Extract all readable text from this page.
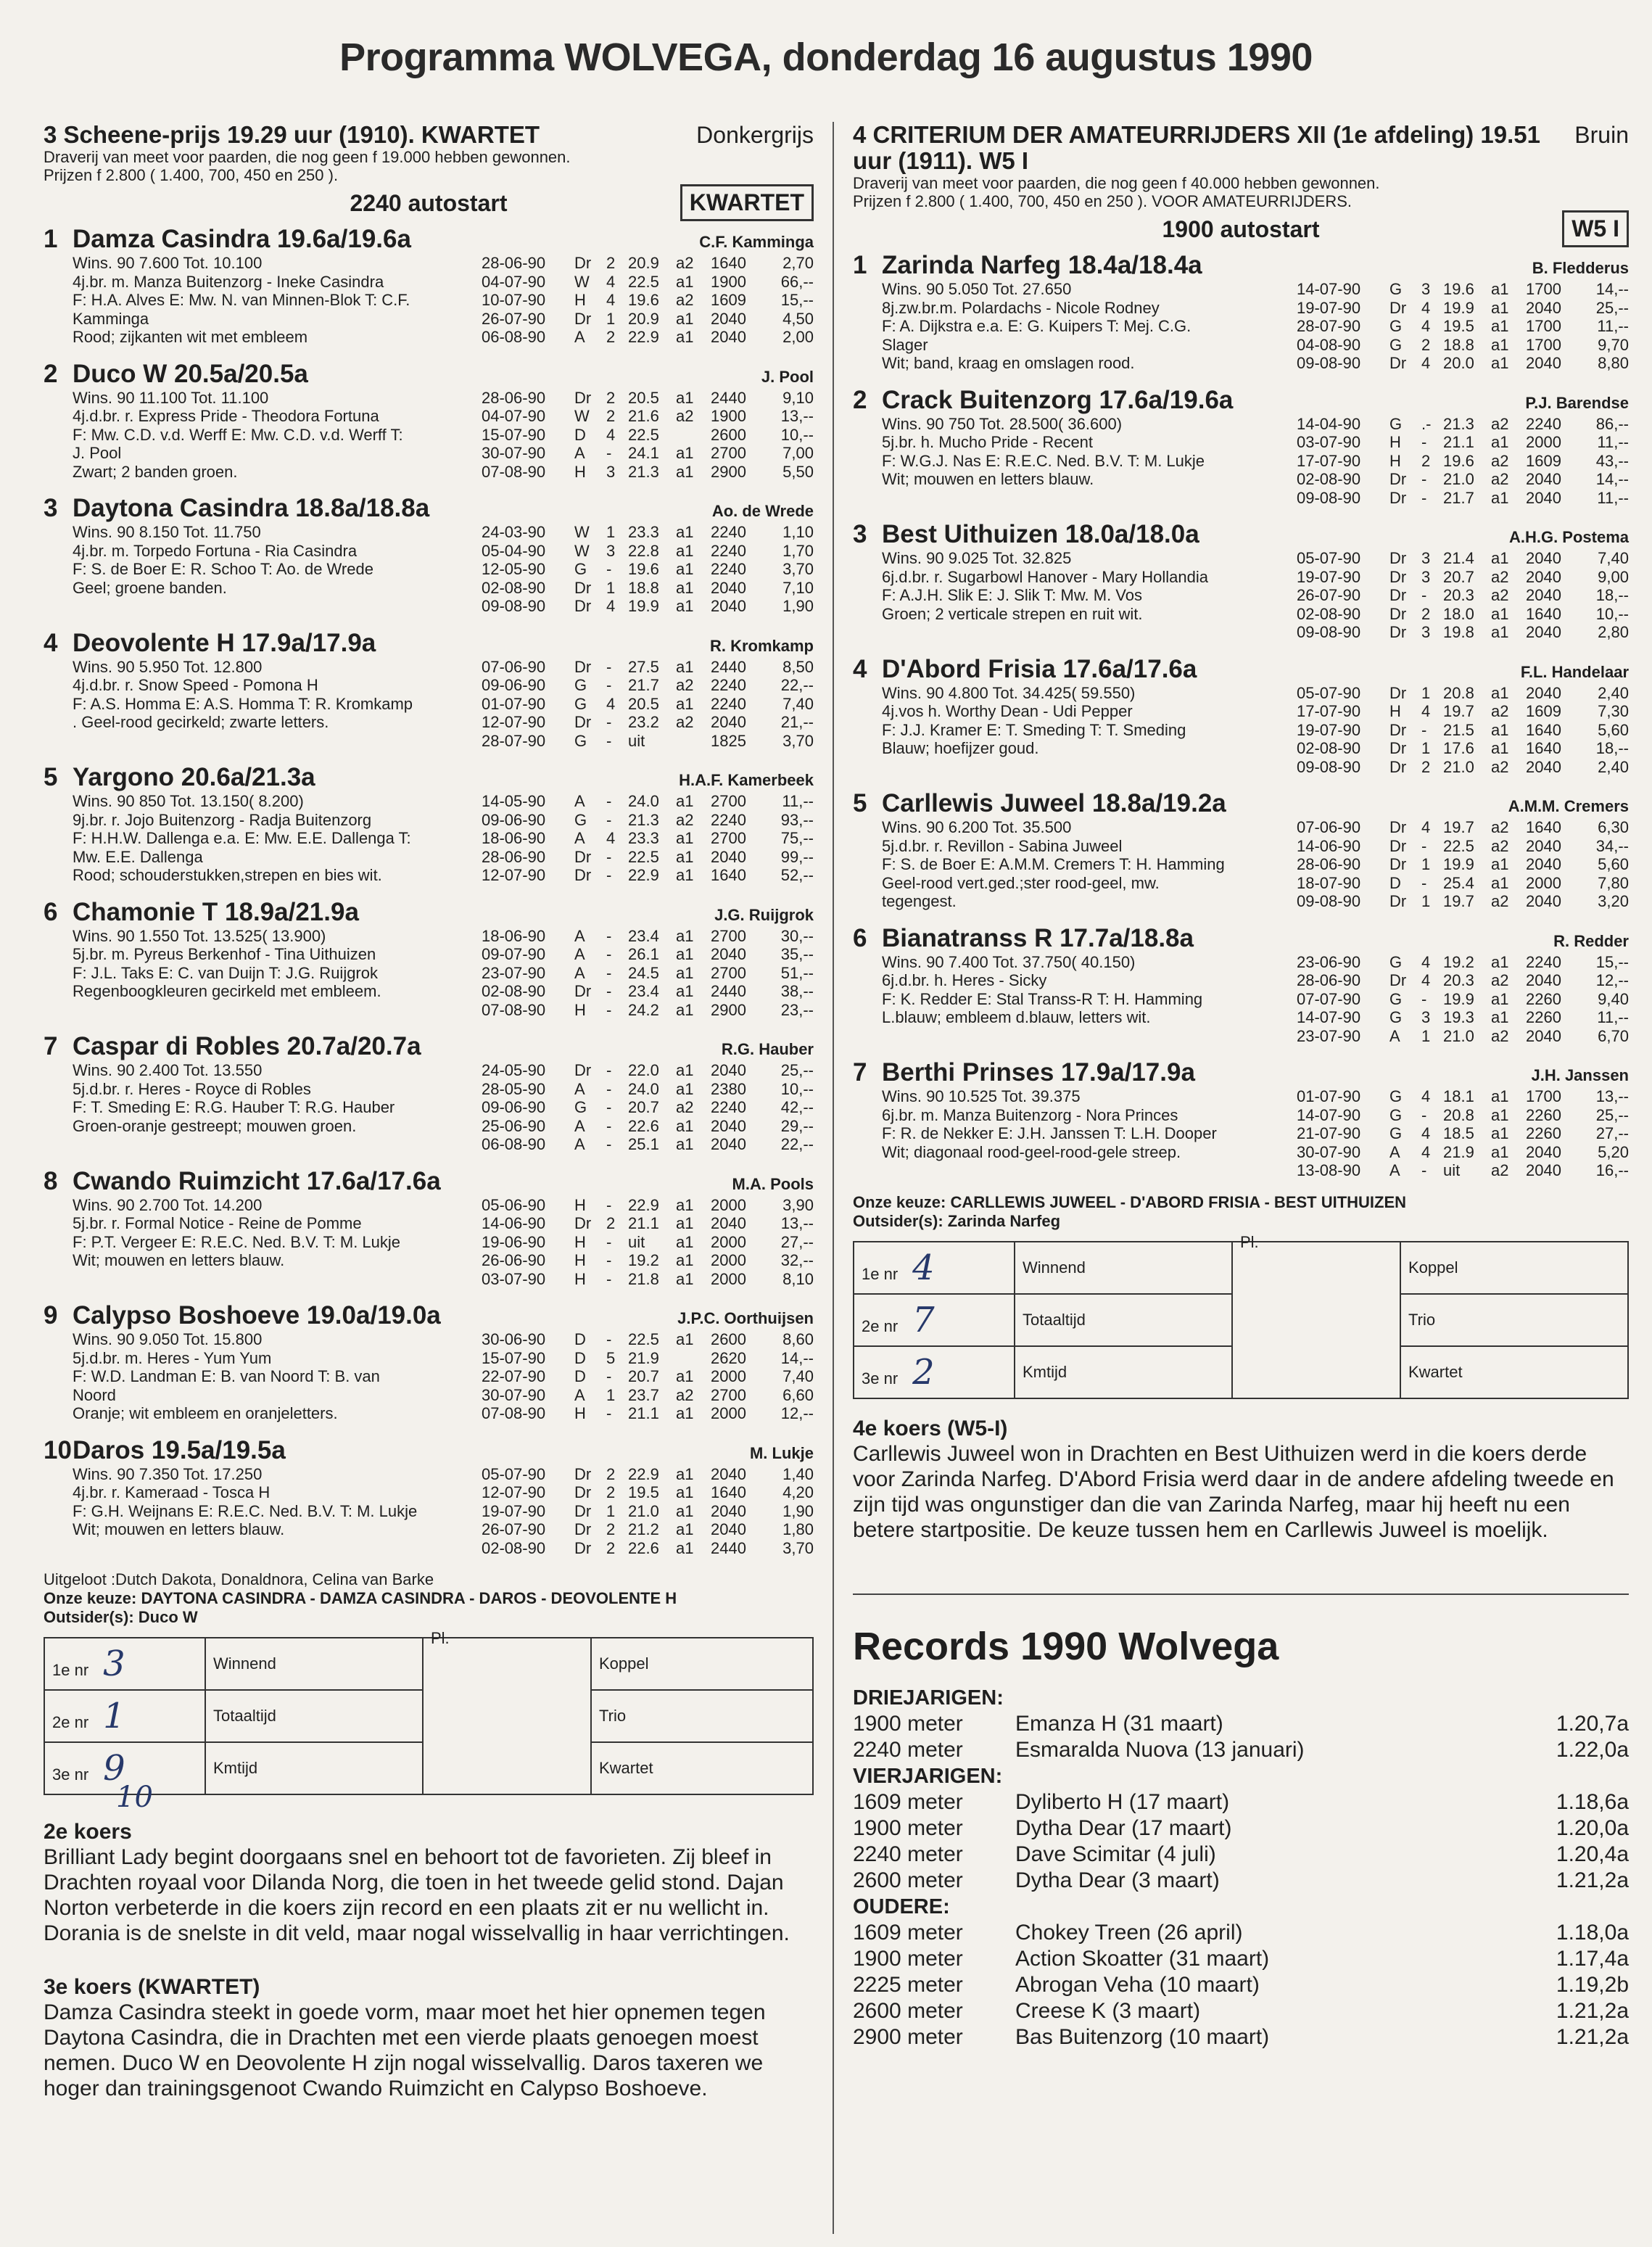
Programma WOLVEGA, donderdag 16 augustus 1990
3 Scheene-prijs 19.29 uur (1910). KWARTET	Donkergrijs
Draverij van meet voor paarden, die nog geen f 19.000 hebben gewonnen.
Prijzen f 2.800 ( 1.400, 700, 450 en 250 ).
2240 autostart	KWARTET
1 Damza Casindra 19.6a/19.6a	C.F. Kamminga
Wins. 90 7.600 Tot. 10.100
4j.br. m. Manza Buitenzorg - Ineke Casindra
F: H.A. Alves E: Mw. N. van Minnen-Blok T: C.F.
Kamminga
Rood; zijkanten wit met embleem
28-06-90	Dr 2 20.9	a2	1640	2,70
04-07-90	W	4 22.5	a1	1900	66,--
10-07-90	H	4 19.6	a2	1609	15,--
26-07-90	Dr 1 20.9	a1	2040	4,50
06-08-90	A	2 22.9	a1	2040	2,00
2 Duco W 20.5a/20.5a	J. Pool
Wins. 90 11.100 Tot. 11.100
4j.d.br. r. Express Pride - Theodora Fortuna
F: Mw. C.D. v.d. Werff E: Mw. C.D. v.d. Werff T:
J. Pool
Zwart; 2 banden groen.
28-06-90	Dr 2 20.5	a1	2440	9,10
04-07-90	W	2 21.6	a2	1900	13,--
15-07-90	D	4 22.5	2600	10,--
30-07-90	A	-	24.1	a1	2700	7,00
07-08-90	H	3 21.3	a1	2900	5,50
3 Daytona Casindra 18.8a/18.8a	Ao. de Wrede
Wins. 90 8.150 Tot. 11.750
4j.br. m. Torpedo Fortuna - Ria Casindra
F: S. de Boer E: R. Schoo T: Ao. de Wrede
Geel; groene banden.
24-03-90	W	1 23.3	a1	2240	1,10
05-04-90	W	3 22.8	a1	2240	1,70
12-05-90	G	-	19.6	a1	2240	3,70
02-08-90	Dr 1 18.8	a1	2040	7,10
09-08-90	Dr 4 19.9	a1	2040	1,90
4 Deovolente H 17.9a/17.9a	R. Kromkamp
Wins. 90 5.950 Tot. 12.800
4j.d.br. r. Snow Speed - Pomona H
F: A.S. Homma E: A.S. Homma T: R. Kromkamp
. Geel-rood gecirkeld; zwarte letters.
07-06-90	Dr -	27.5	a1	2440	8,50
09-06-90	G	-	21.7	a2	2240	22,--
01-07-90	G	4 20.5	a1	2240	7,40
12-07-90	Dr -	23.2	a2	2040	21,--
28-07-90	G	-	uit	1825	3,70
5 Yargono 20.6a/21.3a	H.A.F. Kamerbeek
Wins. 90 850 Tot. 13.150( 8.200)
9j.br. r. Jojo Buitenzorg - Radja Buitenzorg
F: H.H.W. Dallenga e.a. E: Mw. E.E. Dallenga T:
Mw. E.E. Dallenga
Rood; schouderstukken,strepen en bies wit.
14-05-90	A	-	24.0	a1	2700	11,--
09-06-90	G	-	21.3	a2	2240	93,--
18-06-90	A	4 23.3	a1	2700	75,--
28-06-90	Dr -	22.5	a1	2040	99,--
12-07-90	Dr -	22.9	a1	1640	52,--
6 Chamonie T 18.9a/21.9a	J.G. Ruijgrok
Wins. 90 1.550 Tot. 13.525( 13.900)
5j.br. m. Pyreus Berkenhof - Tina Uithuizen
F: J.L. Taks E: C. van Duijn T: J.G. Ruijgrok
Regenboogkleuren gecirkeld met embleem.
18-06-90	A	-	23.4	a1	2700	30,--
09-07-90	A	-	26.1	a1	2040	35,--
23-07-90	A	-	24.5	a1	2700	51,--
02-08-90	Dr -	23.4	a1	2440	38,--
07-08-90	H	-	24.2	a1	2900	23,--
7 Caspar di Robles 20.7a/20.7a	R.G. Hauber
Wins. 90 2.400 Tot. 13.550
5j.d.br. r. Heres - Royce di Robles
F: T. Smeding E: R.G. Hauber T: R.G. Hauber
Groen-oranje gestreept; mouwen groen.
24-05-90	Dr -	22.0	a1	2040	25,--
28-05-90	A	-	24.0	a1	2380	10,--
09-06-90	G	-	20.7	a2	2240	42,--
25-06-90	A	-	22.6	a1	2040	29,--
06-08-90	A	-	25.1	a1	2040	22,--
8 Cwando Ruimzicht 17.6a/17.6a	M.A. Pools
Wins. 90 2.700 Tot. 14.200
5j.br. r. Formal Notice - Reine de Pomme
F: P.T. Vergeer E: R.E.C. Ned. B.V. T: M. Lukje
Wit; mouwen en letters blauw.
05-06-90	H	-	22.9	a1	2000	3,90
14-06-90	Dr 2 21.1	a1	2040	13,--
19-06-90	H	-	uit	a1	2000	27,--
26-06-90	H	-	19.2	a1	2000	32,--
03-07-90	H	-	21.8	a1	2000	8,10
9 Calypso Boshoeve 19.0a/19.0a	J.P.C. Oorthuijsen
Wins. 90 9.050 Tot. 15.800
5j.d.br. m. Heres - Yum Yum
F: W.D. Landman E: B. van Noord T: B. van
Noord
Oranje; wit embleem en oranjeletters.
30-06-90	D	-	22.5	a1	2600	8,60
15-07-90	D	5 21.9	2620	14,--
22-07-90	D	-	20.7	a1	2000	7,40
30-07-90	A	1 23.7	a2	2700	6,60
07-08-90	H	-	21.1	a1	2000	12,--
10Daros 19.5a/19.5a	M. Lukje
Wins. 90 7.350 Tot. 17.250
4j.br. r. Kameraad - Tosca H
F: G.H. Weijnans E: R.E.C. Ned. B.V. T: M. Lukje
Wit; mouwen en letters blauw.
05-07-90	Dr 2 22.9	a1	2040	1,40
12-07-90	Dr 2 19.5	a1	1640	4,20
19-07-90	Dr 1 21.0	a1	2040	1,90
26-07-90	Dr 2 21.2	a1	2040	1,80
02-08-90	Dr 2 22.6	a1	2440	3,70
Uitgeloot :Dutch Dakota, Donaldnora, Celina van Barke
Onze keuze: DAYTONA CASINDRA - DAMZA CASINDRA - DAROS - DEOVOLENTE H
Outsider(s): Duco W
1e nr 3	Winnend	Pl.	Koppel
2e nr 1	Totaaltijd		Trio
3e nr 9	Kmtijd		Kwartet
10
2e koers
Brilliant Lady begint doorgaans snel en behoort tot de favorieten. Zij bleef in Drachten royaal voor Dilanda Norg, die toen in het tweede gelid stond. Dajan Norton verbeterde in die koers zijn record en een plaats zit er nu wellicht in. Dorania is de snelste in dit veld, maar nogal wisselvallig in haar verrichtingen.
3e koers (KWARTET)
Damza Casindra steekt in goede vorm, maar moet het hier opnemen tegen Daytona Casindra, die in Drachten met een vierde plaats genoegen moest nemen. Duco W en Deovolente H zijn nogal wisselvallig. Daros taxeren we hoger dan trainingsgenoot Cwando Ruimzicht en Calypso Boshoeve.
4 CRITERIUM DER AMATEURRIJDERS XII (1e afdeling) 19.51 uur (1911). W5 I
Bruin
Draverij van meet voor paarden, die nog geen f 40.000 hebben gewonnen.
Prijzen f 2.800 ( 1.400, 700, 450 en 250 ). VOOR AMATEURRIJDERS.
1900 autostart	W5 I
1 Zarinda Narfeg 18.4a/18.4a	B. Fledderus
Wins. 90 5.050 Tot. 27.650
8j.zw.br.m. Polardachs - Nicole Rodney
F: A. Dijkstra e.a. E: G. Kuipers T: Mej. C.G.
Slager
Wit; band, kraag en omslagen rood.
14-07-90	G	3 19.6	a1	1700	14,--
19-07-90	Dr 4 19.9	a1	2040	25,--
28-07-90	G	4 19.5	a1	1700	11,--
04-08-90	G	2 18.8	a1	1700	9,70
09-08-90	Dr 4 20.0	a1	2040	8,80
2 Crack Buitenzorg 17.6a/19.6a	P.J. Barendse
Wins. 90 750 Tot. 28.500( 36.600)
5j.br. h. Mucho Pride - Recent
F: W.G.J. Nas E: R.E.C. Ned. B.V. T: M. Lukje
Wit; mouwen en letters blauw.
14-04-90	G	.- 21.3	a2	2240	86,--
03-07-90	H	-	21.1	a1	2000	11,--
17-07-90	H	2 19.6	a2	1609	43,--
02-08-90	Dr -	21.0	a2	2040	14,--
09-08-90	Dr -	21.7	a1	2040	11,--
3 Best Uithuizen 18.0a/18.0a	A.H.G. Postema
Wins. 90 9.025 Tot. 32.825
6j.d.br. r. Sugarbowl Hanover - Mary Hollandia
F: A.J.H. Slik E: J. Slik T: Mw. M. Vos
Groen; 2 verticale strepen en ruit wit.
05-07-90	Dr 3 21.4	a1	2040	7,40
19-07-90	Dr 3 20.7	a2	2040	9,00
26-07-90	Dr -	20.3	a2	2040	18,--
02-08-90	Dr 2 18.0	a1	1640	10,--
09-08-90	Dr 3 19.8	a1	2040	2,80
4 D'Abord Frisia 17.6a/17.6a	F.L. Handelaar
Wins. 90 4.800 Tot. 34.425( 59.550)
4j.vos h. Worthy Dean - Udi Pepper
F: J.J. Kramer E: T. Smeding T: T. Smeding
Blauw; hoefijzer goud.
05-07-90	Dr 1 20.8	a1	2040	2,40
17-07-90	H	4 19.7	a2	1609	7,30
19-07-90	Dr -	21.5	a1	1640	5,60
02-08-90	Dr 1 17.6	a1	1640	18,--
09-08-90	Dr 2 21.0	a2	2040	2,40
5 Carllewis Juweel 18.8a/19.2a	A.M.M. Cremers
Wins. 90 6.200 Tot. 35.500
5j.d.br. r. Revillon - Sabina Juweel
F: S. de Boer E: A.M.M. Cremers T: H. Hamming
Geel-rood vert.ged.;ster rood-geel, mw.
tegengest.
07-06-90	Dr 4 19.7	a2	1640	6,30
14-06-90	Dr -	22.5	a2	2040	34,--
28-06-90	Dr 1 19.9	a1	2040	5,60
18-07-90	D	-	25.4	a1	2000	7,80
09-08-90	Dr 1 19.7	a2	2040	3,20
6 Bianatranss R 17.7a/18.8a	R. Redder
Wins. 90 7.400 Tot. 37.750( 40.150)
6j.d.br. h. Heres - Sicky
F: K. Redder E: Stal Transs-R T: H. Hamming
L.blauw; embleem d.blauw, letters wit.
23-06-90	G	4 19.2	a1	2240	15,--
28-06-90	Dr 4 20.3	a2	2040	12,--
07-07-90	G	-	19.9	a1	2260	9,40
14-07-90	G	3 19.3	a1	2260	11,--
23-07-90	A	1 21.0	a2	2040	6,70
7 Berthi Prinses 17.9a/17.9a	J.H. Janssen
Wins. 90 10.525 Tot. 39.375
6j.br. m. Manza Buitenzorg - Nora Princes
F: R. de Nekker E: J.H. Janssen T: L.H. Dooper
Wit; diagonaal rood-geel-rood-gele streep.
01-07-90	G	4 18.1	a1	1700	13,--
14-07-90	G	-	20.8	a1	2260	25,--
21-07-90	G	4 18.5	a1	2260	27,--
30-07-90	A	4 21.9	a1	2040	5,20
13-08-90	A	-	uit	a2	2040	16,--
Onze keuze: CARLLEWIS JUWEEL - D'ABORD FRISIA - BEST UITHUIZEN
Outsider(s): Zarinda Narfeg
1e nr 4	Winnend	Pl.	Koppel
2e nr 7	Totaaltijd		Trio
3e nr 2	Kmtijd		Kwartet
4e koers (W5-I)
Carllewis Juweel won in Drachten en Best Uithuizen werd in die koers derde voor Zarinda Narfeg. D'Abord Frisia werd daar in de andere afdeling tweede en zijn tijd was ongunstiger dan die van Zarinda Narfeg, maar hij heeft nu een betere startpositie. De keuze tussen hem en Carllewis Juweel is moelijk.
Records 1990 Wolvega
DRIEJARIGEN:
1900 meter	Emanza H (31 maart)	1.20,7a
2240 meter	Esmaralda Nuova (13 januari)	1.22,0a
VIERJARIGEN:
1609 meter	Dyliberto H (17 maart)	1.18,6a
1900 meter	Dytha Dear (17 maart)	1.20,0a
2240 meter	Dave Scimitar (4 juli)	1.20,4a
2600 meter	Dytha Dear (3 maart)	1.21,2a
OUDERE:
1609 meter	Chokey Treen (26 april)	1.18,0a
1900 meter	Action Skoatter (31 maart)	1.17,4a
2225 meter	Abrogan Veha (10 maart)	1.19,2b
2600 meter	Creese K (3 maart)	1.21,2a
2900 meter	Bas Buitenzorg (10 maart)	1.21,2a
